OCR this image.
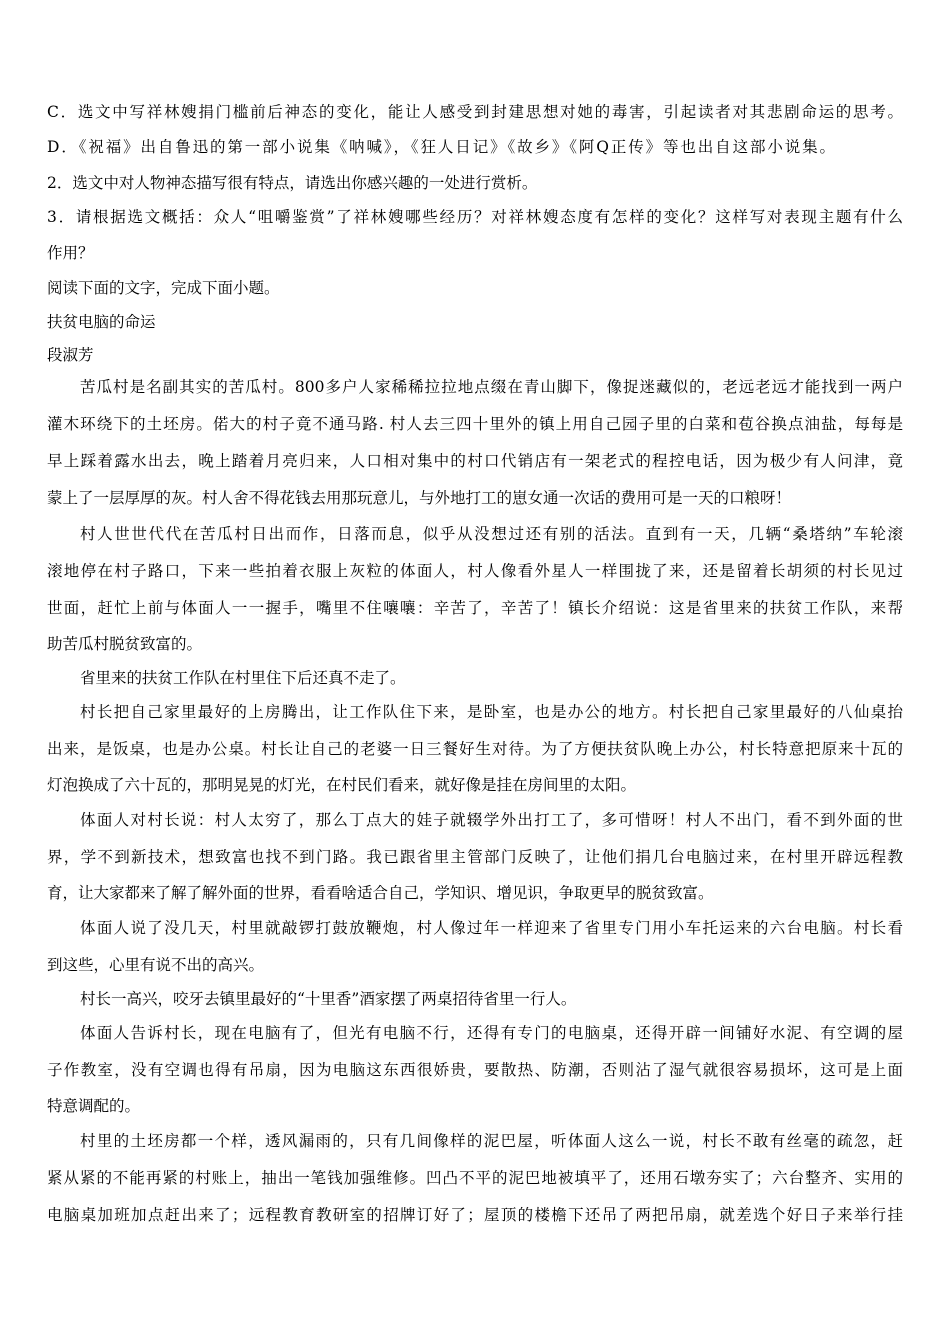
C．选文中写祥林嫂捐门槛前后神态的变化，能让人感受到封建思想对她的毒害，引起读者对其悲剧命运的思考。
D．《祝福》出自鲁迅的第一部小说集《呐喊》，《狂人日记》《故乡》《阿Q正传》等也出自这部小说集。
2．选文中对人物神态描写很有特点，请选出你感兴趣的一处进行赏析。
3．请根据选文概括：众人“咀嚼鉴赏”了祥林嫂哪些经历？对祥林嫂态度有怎样的变化？这样写对表现主题有什么
作用？
阅读下面的文字，完成下面小题。
扶贫电脑的命运
段淑芳
苦瓜村是名副其实的苦瓜村。800多户人家稀稀拉拉地点缀在青山脚下，像捉迷藏似的，老远老远才能找到一两户
灌木环绕下的土坯房。偌大的村子竟不通马路. 村人去三四十里外的镇上用自己园子里的白菜和苞谷换点油盐，每每是
早上踩着露水出去，晚上踏着月亮归来，人口相对集中的村口代销店有一架老式的程控电话，因为极少有人问津，竟
蒙上了一层厚厚的灰。村人舍不得花钱去用那玩意儿，与外地打工的崽女通一次话的费用可是一天的口粮呀！
村人世世代代在苦瓜村日出而作，日落而息，似乎从没想过还有别的活法。直到有一天，几辆“桑塔纳”车轮滚
滚地停在村子路口，下来一些拍着衣服上灰粒的体面人，村人像看外星人一样围拢了来，还是留着长胡须的村长见过
世面，赶忙上前与体面人一一握手，嘴里不住嚷嚷：辛苦了，辛苦了！镇长介绍说：这是省里来的扶贫工作队，来帮
助苦瓜村脱贫致富的。
省里来的扶贫工作队在村里住下后还真不走了。
村长把自己家里最好的上房腾出，让工作队住下来，是卧室，也是办公的地方。村长把自己家里最好的八仙桌抬
出来，是饭桌，也是办公桌。村长让自己的老婆一日三餐好生对待。为了方便扶贫队晚上办公，村长特意把原来十瓦的
灯泡换成了六十瓦的，那明晃晃的灯光，在村民们看来，就好像是挂在房间里的太阳。
体面人对村长说：村人太穷了，那么丁点大的娃子就辍学外出打工了，多可惜呀！村人不出门，看不到外面的世
界，学不到新技术，想致富也找不到门路。我已跟省里主管部门反映了，让他们捐几台电脑过来，在村里开辟远程教
育，让大家都来了解了解外面的世界，看看啥适合自己，学知识、增见识，争取更早的脱贫致富。
体面人说了没几天，村里就敲锣打鼓放鞭炮，村人像过年一样迎来了省里专门用小车托运来的六台电脑。村长看
到这些，心里有说不出的高兴。
村长一高兴，咬牙去镇里最好的“十里香”酒家摆了两桌招待省里一行人。
体面人告诉村长，现在电脑有了，但光有电脑不行，还得有专门的电脑桌，还得开辟一间铺好水泥、有空调的屋
子作教室，没有空调也得有吊扇，因为电脑这东西很娇贵，要散热、防潮，否则沾了湿气就很容易损坏，这可是上面
特意调配的。
村里的土坯房都一个样，透风漏雨的，只有几间像样的泥巴屋，听体面人这么一说，村长不敢有丝毫的疏忽，赶
紧从紧的不能再紧的村账上，抽出一笔钱加强维修。凹凸不平的泥巴地被填平了，还用石墩夯实了；六台整齐、实用的
电脑桌加班加点赶出来了；远程教育教研室的招牌订好了；屋顶的楼檐下还吊了两把吊扇，就差选个好日子来举行挂
